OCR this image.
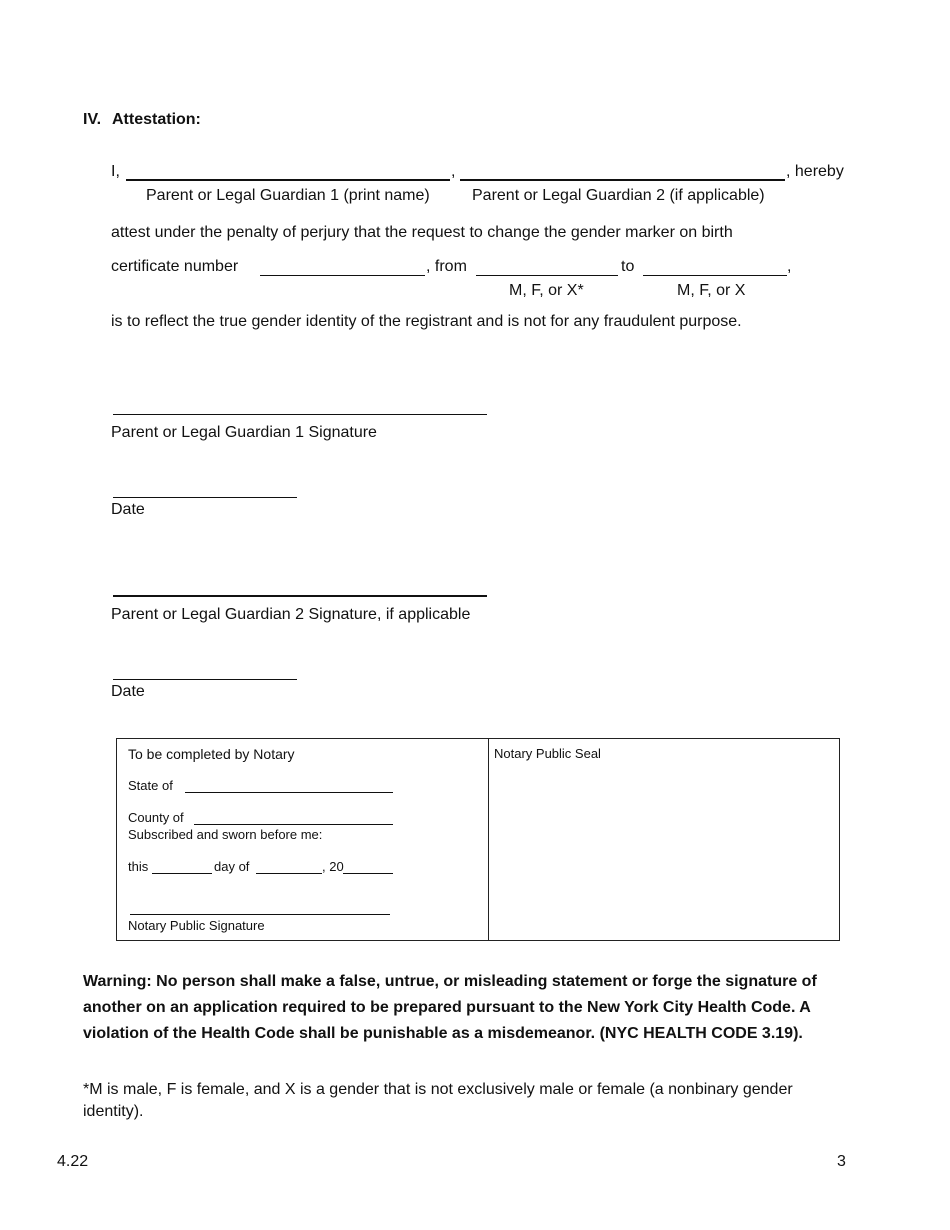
IV. Attestation:
I,	,	, hereby
Parent or Legal Guardian 1 (print name)	Parent or Legal Guardian 2 (if applicable)
attest under the penalty of perjury that the request to change the gender marker on birth
certificate number	, from	to	,
M, F, or X*	M, F, or X
is to reflect the true gender identity of the registrant and is not for any fraudulent purpose.
Parent or Legal Guardian 1 Signature
Date
Parent or Legal Guardian 2 Signature, if applicable
Date
To be completed by Notary
State of
County of
Subscribed and sworn before me:
this	day of	, 20
Notary Public Signature
Notary Public Seal
Warning: No person shall make a false, untrue, or misleading statement or forge the signature of another on an application required to be prepared pursuant to the New York City Health Code. A violation of the Health Code shall be punishable as a misdemeanor. (NYC HEALTH CODE 3.19).
*M is male, F is female, and X is a gender that is not exclusively male or female (a nonbinary gender identity).
4.22	3
